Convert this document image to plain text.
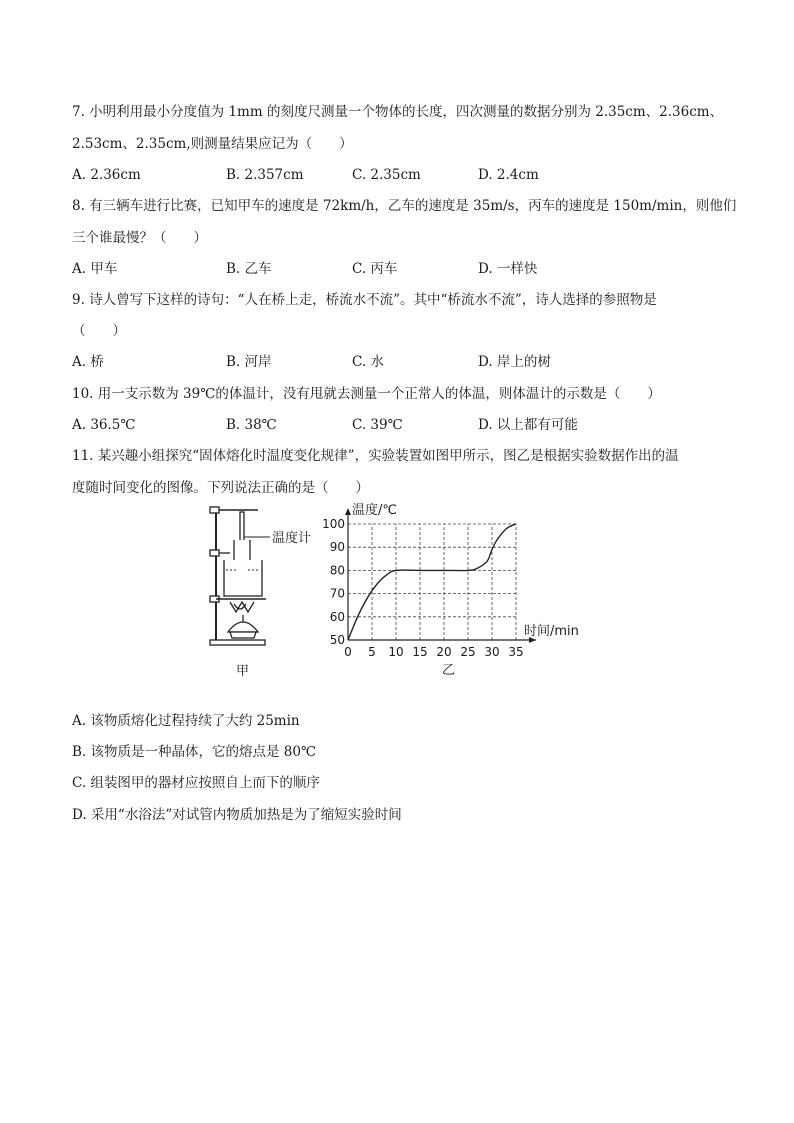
7. 小明利用最小分度值为 1mm 的刻度尺测量一个物体的长度，四次测量的数据分别为 2.35cm、2.36cm、
2.53cm、2.35cm,则测量结果应记为（　　）
A. 2.36cm	B. 2.357cm	C. 2.35cm	D. 2.4cm
8. 有三辆车进行比赛，已知甲车的速度是 72km/h，乙车的速度是 35m/s，丙车的速度是 150m/min，则他们
三个谁最慢？（　　）
A. 甲车	B. 乙车	C. 丙车	D. 一样快
9. 诗人曾写下这样的诗句：“人在桥上走，桥流水不流”。其中“桥流水不流”，诗人选择的参照物是
（　　）
A. 桥	B. 河岸	C. 水	D. 岸上的树
10. 用一支示数为 39℃的体温计，没有甩就去测量一个正常人的体温，则体温计的示数是（　　）
A. 36.5℃	B. 38℃	C. 39℃	D. 以上都有可能
11. 某兴趣小组探究“固体熔化时温度变化规律”，实验装置如图甲所示，图乙是根据实验数据作出的温
度随时间变化的图像。下列说法正确的是（　　）
温度计
甲
0 5 10 15 20 25 30 35
50
60
70
80
90
100
温度/℃
时间/min
乙
A. 该物质熔化过程持续了大约 25min
B. 该物质是一种晶体，它的熔点是 80℃
C. 组装图甲的器材应按照自上而下的顺序
D. 采用“水浴法”对试管内物质加热是为了缩短实验时间
